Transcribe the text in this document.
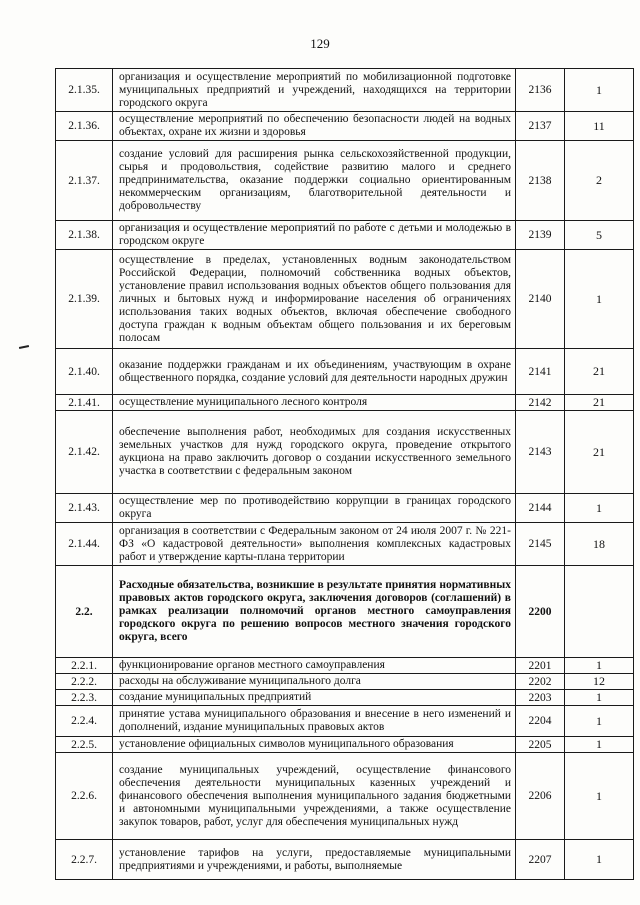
129
2.1.35.	организация и осуществление мероприятий по мобилизационной подготовке муниципальных предприятий и учреждений, находящихся на территории городского округа	2136	1
2.1.36.	осуществление мероприятий по обеспечению безопасности людей на водных объектах, охране их жизни и здоровья	2137	11
2.1.37.	создание условий для расширения рынка сельскохозяйственной продукции, сырья и продовольствия, содействие развитию малого и среднего предпринимательства, оказание поддержки социально ориентированным некоммерческим организациям, благотворительной деятельности и добровольчеству	2138	2
2.1.38.	организация и осуществление мероприятий по работе с детьми и молодежью в городском округе	2139	5
2.1.39.	осуществление в пределах, установленных водным законодательством Российской Федерации, полномочий собственника водных объектов, установление правил использования водных объектов общего пользования для личных и бытовых нужд и информирование населения об ограничениях использования таких водных объектов, включая обеспечение свободного доступа граждан к водным объектам общего пользования и их береговым полосам	2140	1
2.1.40.	оказание поддержки гражданам и их объединениям, участвующим в охране общественного порядка, создание условий для деятельности народных дружин	2141	21
2.1.41.	осуществление муниципального лесного контроля	2142	21
2.1.42.	обеспечение выполнения работ, необходимых для создания искусственных земельных участков для нужд городского округа, проведение открытого аукциона на право заключить договор о создании искусственного земельного участка в соответствии с федеральным законом	2143	21
2.1.43.	осуществление мер по противодействию коррупции в границах городского округа	2144	1
2.1.44.	организация в соответствии с Федеральным законом от 24 июля 2007 г. № 221-ФЗ «О кадастровой деятельности» выполнения комплексных кадастровых работ и утверждение карты-плана территории	2145	18
2.2.	Расходные обязательства, возникшие в результате принятия нормативных правовых актов городского округа, заключения договоров (соглашений) в рамках реализации полномочий органов местного самоуправления городского округа по решению вопросов местного значения городского округа, всего	2200	
2.2.1.	функционирование органов местного самоуправления	2201	1
2.2.2.	расходы на обслуживание муниципального долга	2202	12
2.2.3.	создание муниципальных предприятий	2203	1
2.2.4.	принятие устава муниципального образования и внесение в него изменений и дополнений, издание муниципальных правовых актов	2204	1
2.2.5.	установление официальных символов муниципального образования	2205	1
2.2.6.	создание муниципальных учреждений, осуществление финансового обеспечения деятельности муниципальных казенных учреждений и финансового обеспечения выполнения муниципального задания бюджетными и автономными муниципальными учреждениями, а также осуществление закупок товаров, работ, услуг для обеспечения муниципальных нужд	2206	1
2.2.7.	установление тарифов на услуги, предоставляемые муниципальными предприятиями и учреждениями, и работы, выполняемые	2207	1
